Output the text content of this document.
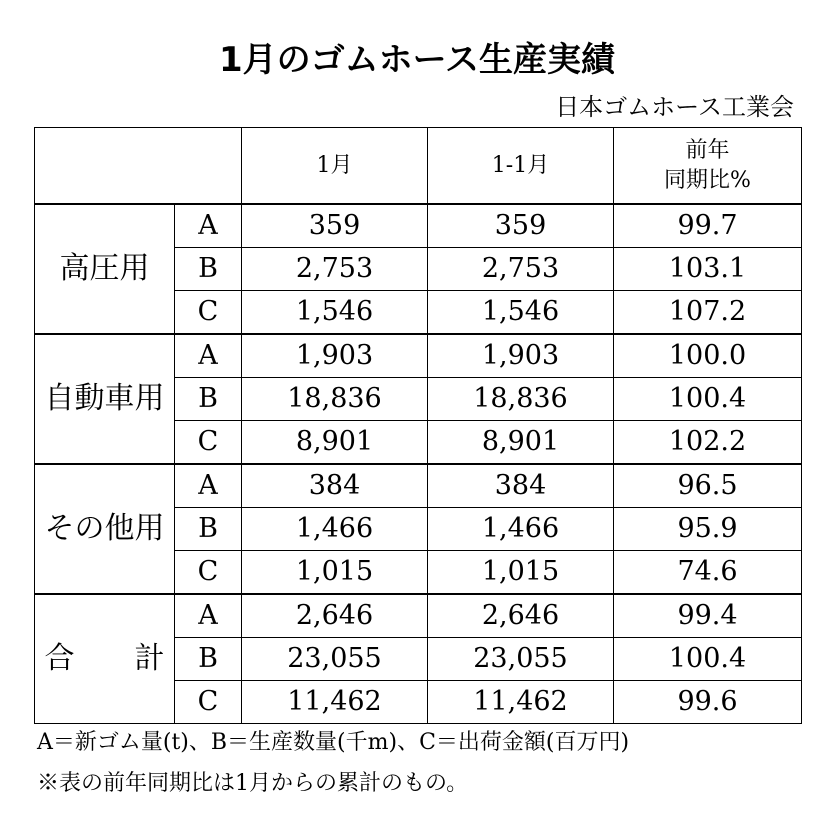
1月のゴムホース生産実績
日本ゴムホース工業会
		1月	1-1月	前年
同期比%

高圧用	A	359	359	99.7
	B	2,753	2,753	103.1
	C	1,546	1,546	107.2
自動車用	A	1,903	1,903	100.0
	B	18,836	18,836	100.4
	C	8,901	8,901	102.2
その他用	A	384	384	96.5
	B	1,466	1,466	95.9
	C	1,015	1,015	74.6
合　　計	A	2,646	2,646	99.4
	B	23,055	23,055	100.4
	C	11,462	11,462	99.6
A＝新ゴム量(t)、B＝生産数量(千m)、C＝出荷金額(百万円)
※表の前年同期比は1月からの累計のもの。
